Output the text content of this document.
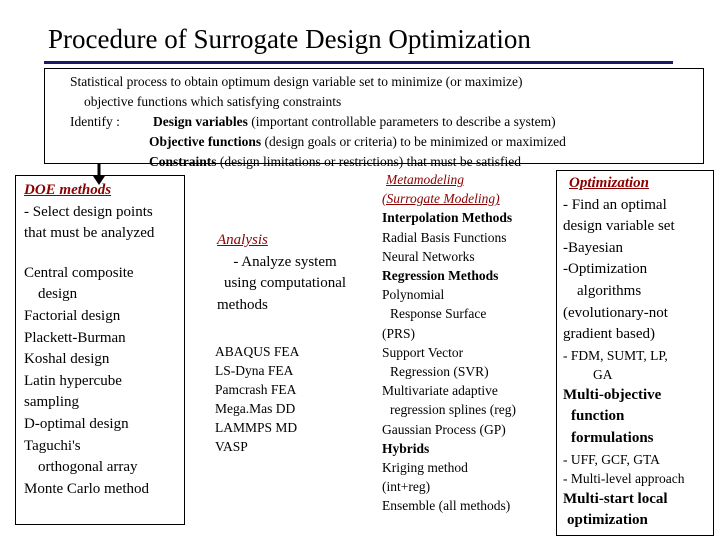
Procedure of Surrogate Design Optimization
Statistical process to obtain optimum design variable set to minimize (or maximize)
objective functions which satisfying constraints
Identify : Design variables (important controllable parameters to describe a system)
Objective functions (design goals or criteria) to be minimized or maximized
Constraints (design limitations or restrictions) that must be satisfied
DOE methods
- Select design points
that must be analyzed
Central composite
design
Factorial design
Plackett-Burman
Koshal design
Latin hypercube
sampling
D-optimal design
Taguchi's
orthogonal array
Monte Carlo method
Analysis
- Analyze system
using computational
methods
ABAQUS FEA
LS-Dyna FEA
Pamcrash FEA
Mega.Mas DD
LAMMPS MD
VASP
Metamodeling
(Surrogate Modeling)
Interpolation Methods
Radial Basis Functions
Neural Networks
Regression Methods
Polynomial
Response Surface
(PRS)
Support Vector
Regression (SVR)
Multivariate adaptive
regression splines (reg)
Gaussian Process (GP)
Hybrids
Kriging method
(int+reg)
Ensemble (all methods)
Optimization
- Find an optimal
design variable set
-Bayesian
-Optimization
algorithms
(evolutionary-not
gradient based)
- FDM, SUMT, LP,
GA
Multi-objective
function
formulations
- UFF, GCF, GTA
- Multi-level approach
Multi-start local
optimization
